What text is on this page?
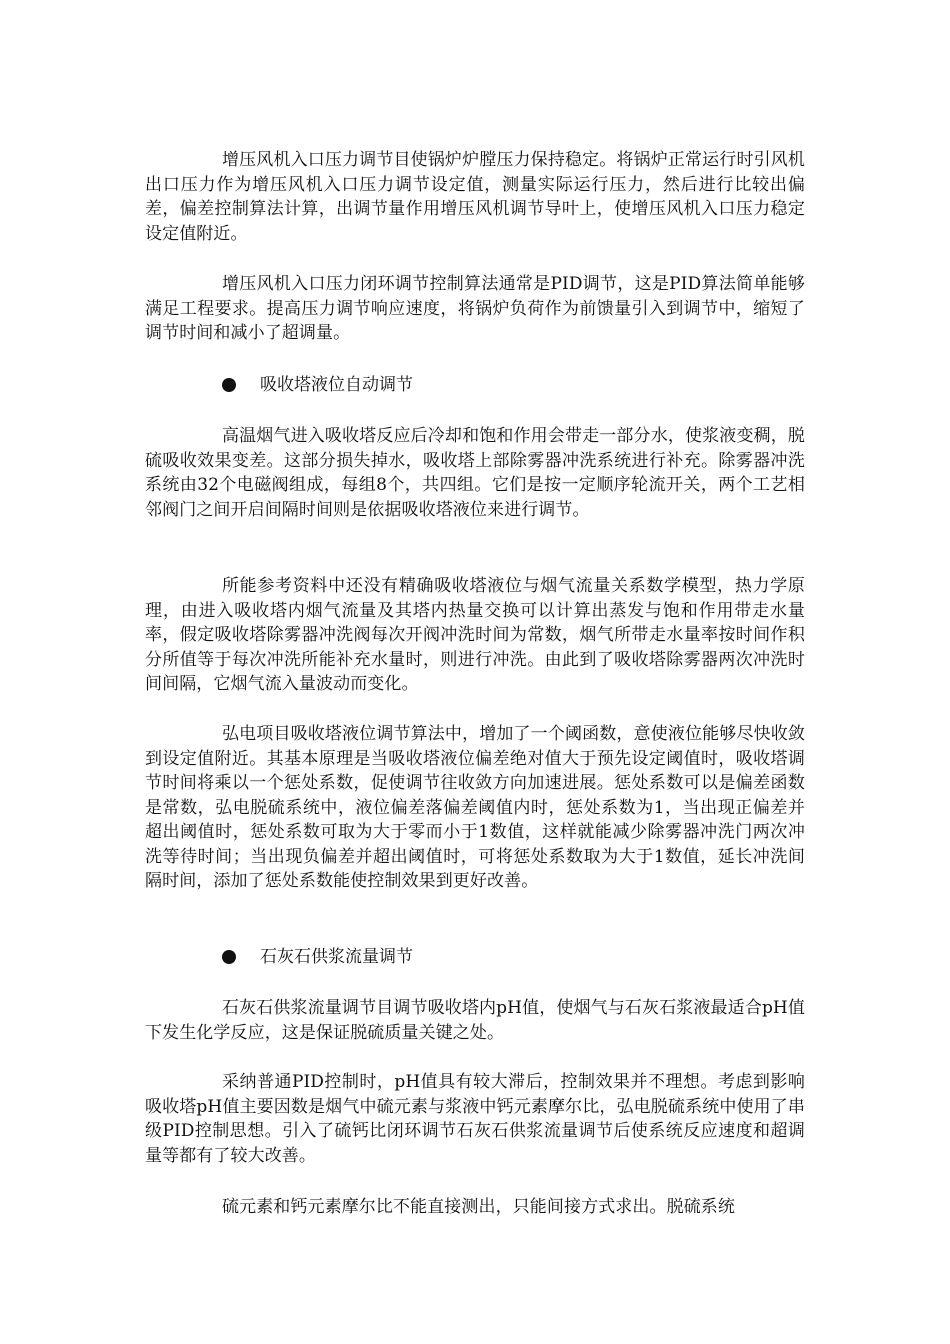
增压风机入口压力调节目使锅炉炉膛压力保持稳定。将锅炉正常运行时引风机出口压力作为增压风机入口压力调节设定值，测量实际运行压力，然后进行比较出偏差，偏差控制算法计算，出调节量作用增压风机调节导叶上，使增压风机入口压力稳定设定值附近。

增压风机入口压力闭环调节控制算法通常是PID调节，这是PID算法简单能够满足工程要求。提高压力调节响应速度，将锅炉负荷作为前馈量引入到调节中，缩短了调节时间和减小了超调量。

吸收塔液位自动调节

高温烟气进入吸收塔反应后冷却和饱和作用会带走一部分水，使浆液变稠，脱硫吸收效果变差。这部分损失掉水，吸收塔上部除雾器冲洗系统进行补充。除雾器冲洗系统由32个电磁阀组成，每组8个，共四组。它们是按一定顺序轮流开关，两个工艺相邻阀门之间开启间隔时间则是依据吸收塔液位来进行调节。

所能参考资料中还没有精确吸收塔液位与烟气流量关系数学模型，热力学原理，由进入吸收塔内烟气流量及其塔内热量交换可以计算出蒸发与饱和作用带走水量率，假定吸收塔除雾器冲洗阀每次开阀冲洗时间为常数，烟气所带走水量率按时间作积分所值等于每次冲洗所能补充水量时，则进行冲洗。由此到了吸收塔除雾器两次冲洗时间间隔，它烟气流入量波动而变化。

弘电项目吸收塔液位调节算法中，增加了一个阈函数，意使液位能够尽快收敛到设定值附近。其基本原理是当吸收塔液位偏差绝对值大于预先设定阈值时，吸收塔调节时间将乘以一个惩处系数，促使调节往收敛方向加速进展。惩处系数可以是偏差函数是常数，弘电脱硫系统中，液位偏差落偏差阈值内时，惩处系数为1，当出现正偏差并超出阈值时，惩处系数可取为大于零而小于1数值，这样就能减少除雾器冲洗门两次冲洗等待时间；当出现负偏差并超出阈值时，可将惩处系数取为大于1数值，延长冲洗间隔时间，添加了惩处系数能使控制效果到更好改善。

石灰石供浆流量调节

石灰石供浆流量调节目调节吸收塔内pH值，使烟气与石灰石浆液最适合pH值下发生化学反应，这是保证脱硫质量关键之处。

采纳普通PID控制时，pH值具有较大滞后，控制效果并不理想。考虑到影响吸收塔pH值主要因数是烟气中硫元素与浆液中钙元素摩尔比，弘电脱硫系统中使用了串级PID控制思想。引入了硫钙比闭环调节石灰石供浆流量调节后使系统反应速度和超调量等都有了较大改善。

硫元素和钙元素摩尔比不能直接测出，只能间接方式求出。脱硫系统
